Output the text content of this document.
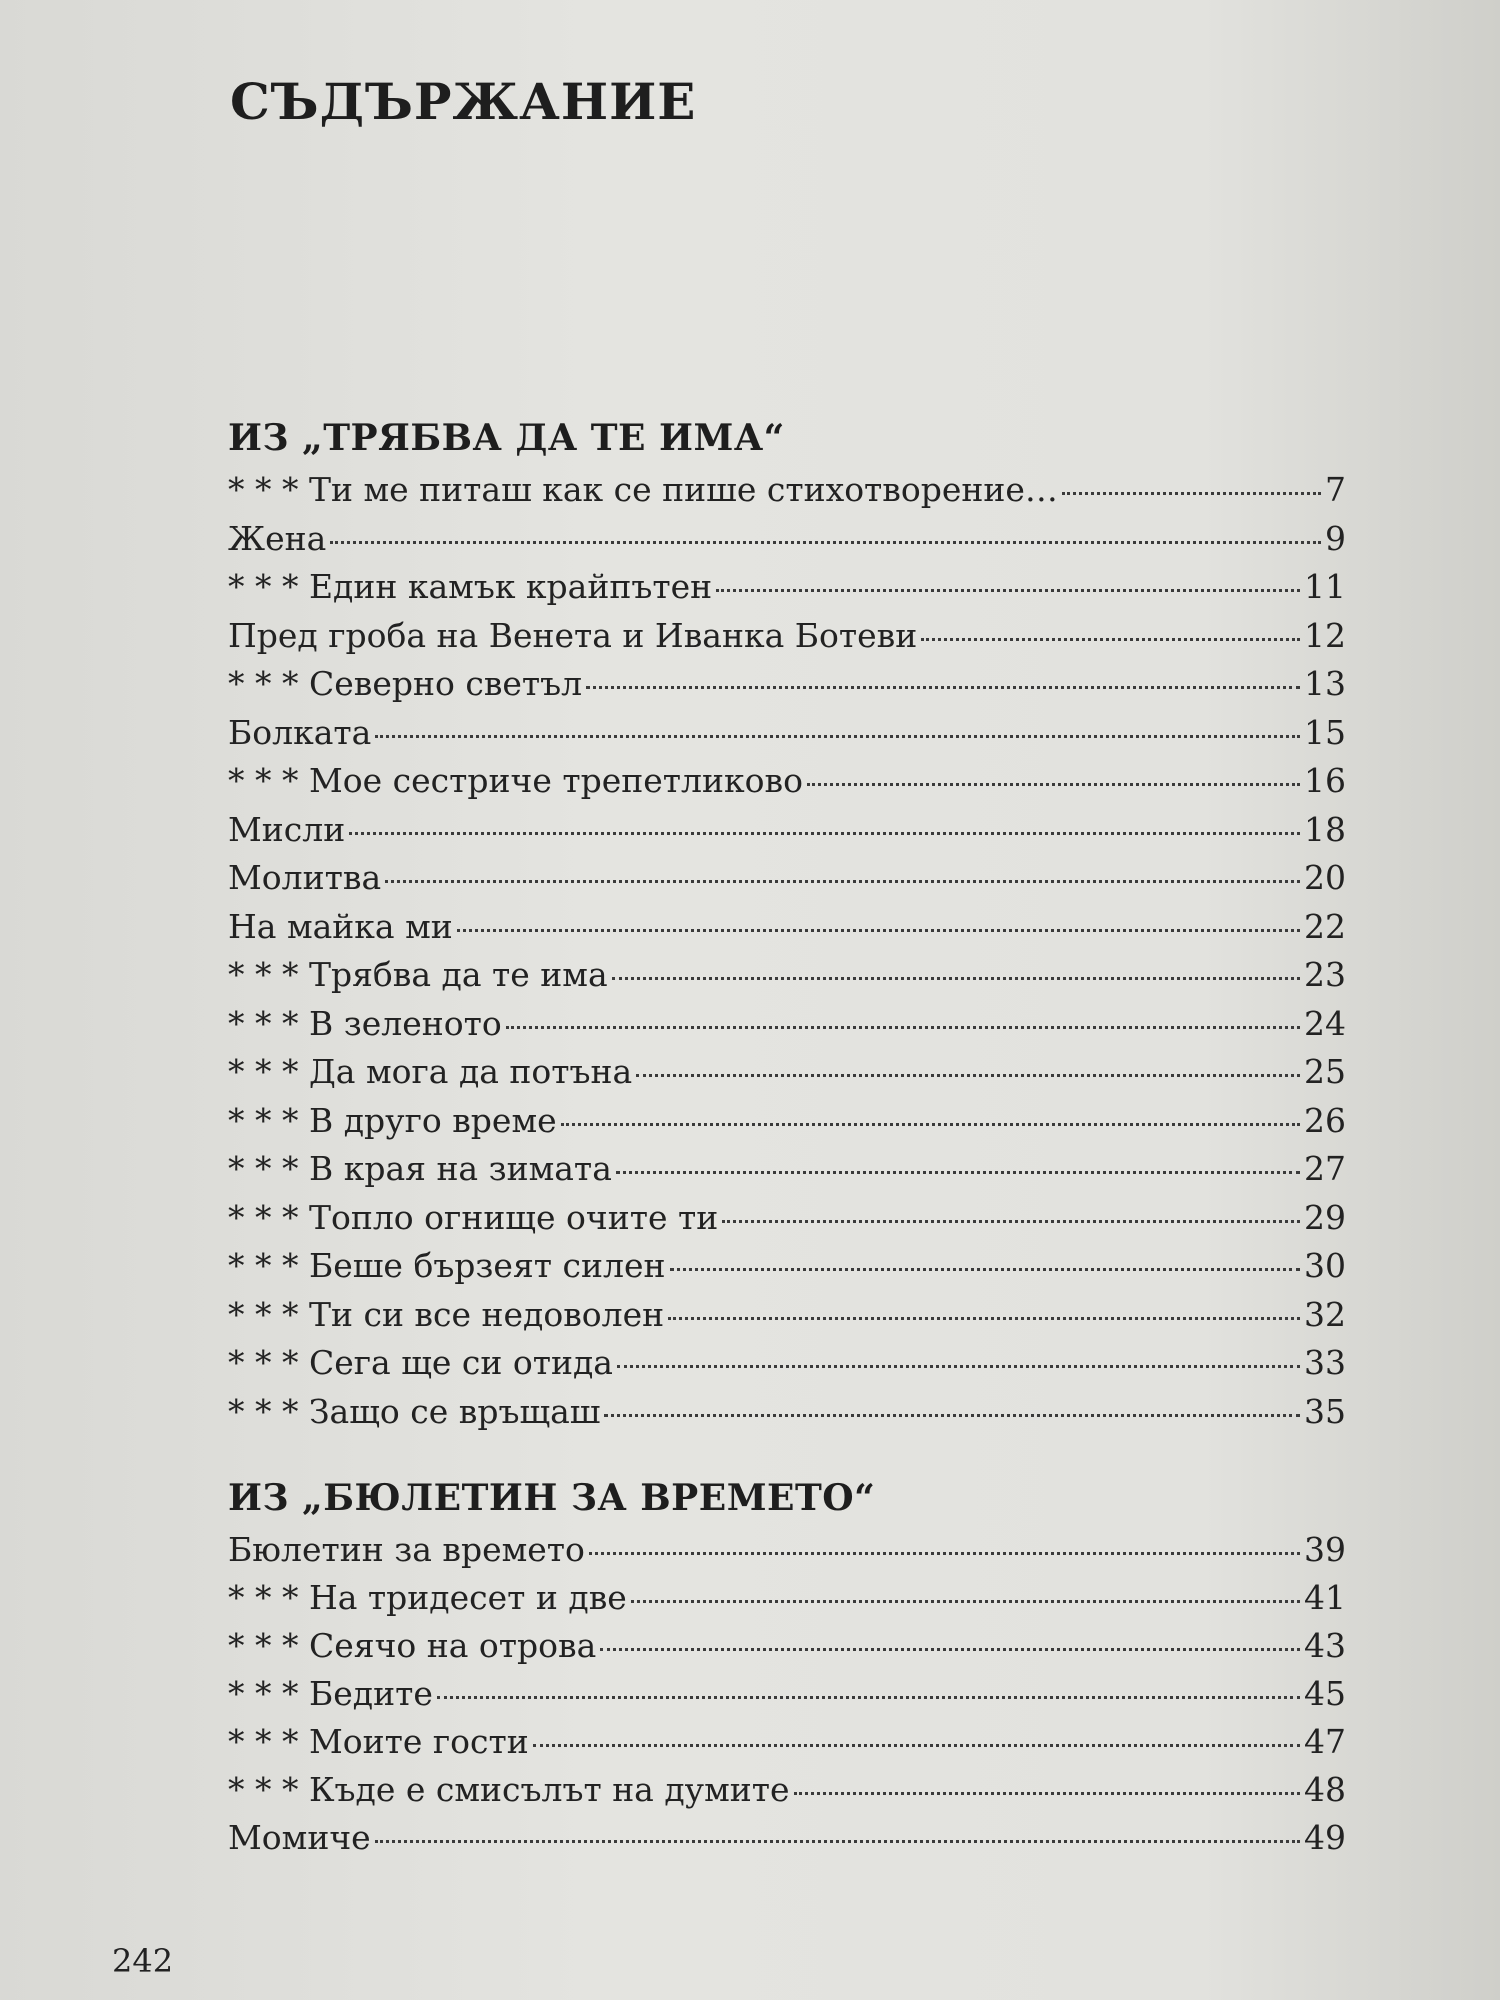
СЪДЪРЖАНИЕ
ИЗ „ТРЯБВА ДА ТЕ ИМА“
* * * Ти ме питаш как се пише стихотворение…	7
Жена	9
* * * Един камък крайпътен	11
Пред гроба на Венета и Иванка Ботеви	12
* * * Северно светъл	13
Болката	15
* * * Мое сестриче трепетликово	16
Мисли	18
Молитва	20
На майка ми	22
* * * Трябва да те има	23
* * * В зеленото	24
* * * Да мога да потъна	25
* * * В друго време	26
* * * В края на зимата	27
* * * Топло огнище очите ти	29
* * * Беше бързеят силен	30
* * * Ти си все недоволен	32
* * * Сега ще си отида	33
* * * Защо се връщаш	35
ИЗ „БЮЛЕТИН ЗА ВРЕМЕТО“
Бюлетин за времето	39
* * * На тридесет и две	41
* * * Сеячо на отрова	43
* * * Бедите	45
* * * Моите гости	47
* * * Къде е смисълът на думите	48
Момиче	49
242
